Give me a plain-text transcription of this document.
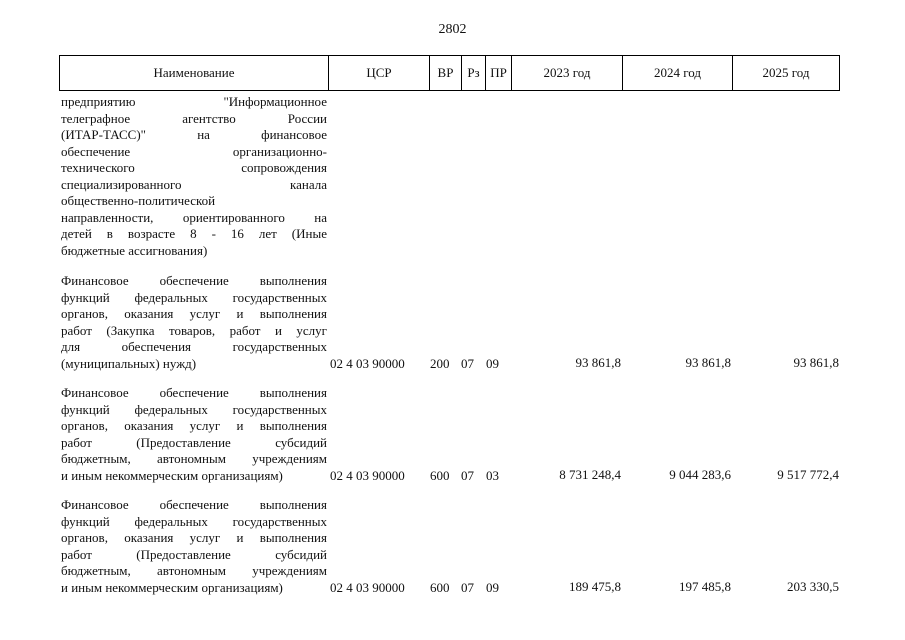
2802
Наименование	ЦСР	ВР	Рз ПР	2023 год	2024 год	2025 год
предприятию "Информационное
телеграфное агентство России
(ИТАР-ТАСС)" на финансовое
обеспечение организационно-
технического сопровождения
специализированного канала
общественно-политической
направленности, ориентированного на
детей в возрасте 8 - 16 лет (Иные
бюджетные ассигнования)
Финансовое обеспечение выполнения
функций федеральных государственных
органов, оказания услуг и выполнения
работ (Закупка товаров, работ и услуг
для обеспечения государственных
(муниципальных) нужд)	02 4 03 90000	200 07 09	93 861,8	93 861,8	93 861,8
Финансовое обеспечение выполнения
функций федеральных государственных
органов, оказания услуг и выполнения
работ (Предоставление субсидий
бюджетным, автономным учреждениям
и иным некоммерческим организациям)	02 4 03 90000	600 07 03	8 731 248,4	9 044 283,6	9 517 772,4
Финансовое обеспечение выполнения
функций федеральных государственных
органов, оказания услуг и выполнения
работ (Предоставление субсидий
бюджетным, автономным учреждениям
и иным некоммерческим организациям)	02 4 03 90000	600 07 09	189 475,8	197 485,8	203 330,5
